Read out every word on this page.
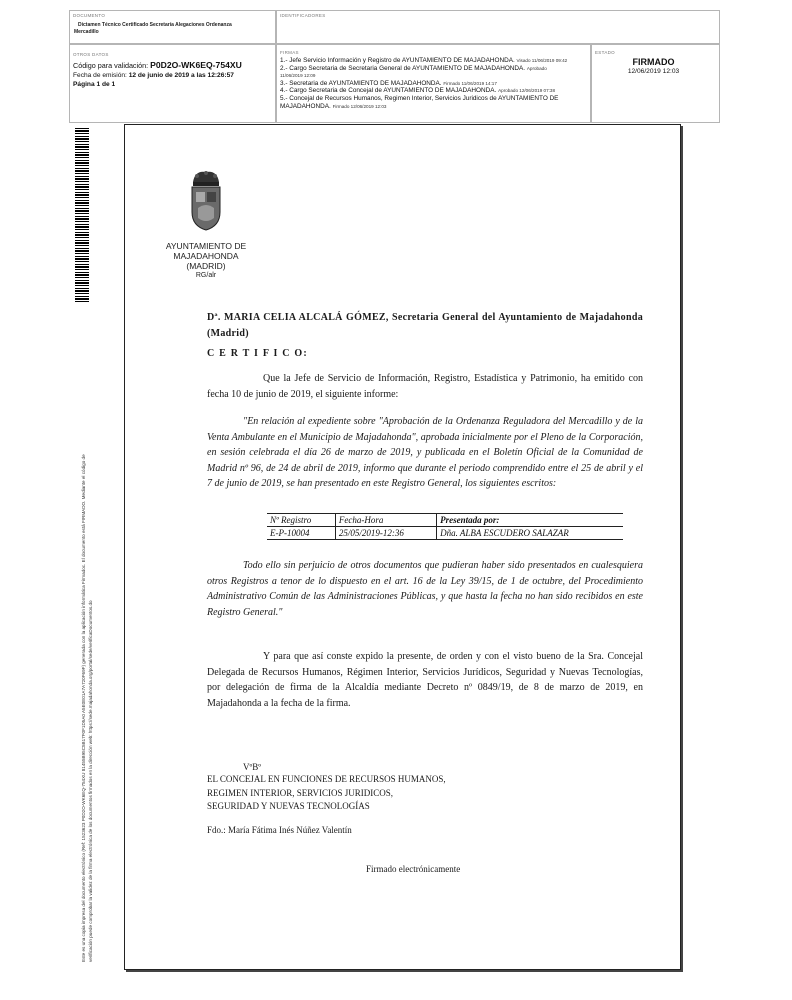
DOCUMENTO
Dictamen Técnico Certificado Secretaría Alegaciones Ordenanza
Mercadillo
IDENTIFICADORES
OTROS DATOS
Código para validación: P0D2O-WK6EQ-754XU
Fecha de emisión: 12 de junio de 2019 a las 12:26:57
Página 1 de 1
FIRMAS
1.- Jefe Servicio Información y Registro de AYUNTAMIENTO DE MAJADAHONDA. Visado 11/06/2019 09:42
2.- Cargo Secretaria de Secretaria General de AYUNTAMIENTO DE MAJADAHONDA. Aprobado
11/06/2019 12:09
3.- Secretaria de AYUNTAMIENTO DE MAJADAHONDA. Firmado 11/06/2019 14:17
4.- Cargo Secretaria de Concejal de AYUNTAMIENTO DE MAJADAHONDA. Aprobado 12/06/2019 07:38
5.- Concejal de Recursos Humanos, Regimen Interior, Servicios Juridicos de AYUNTAMIENTO DE
MAJADAHONDA. Firmado 12/06/2019 12:03
ESTADO
FIRMADO
12/06/2019 12:03
Este es una copia impresa del documento electrónico (Ref: 1523623 P0D2O-WK6EQ-754XU 81455B95C5B17F0F1D5A0 A5E0E01A7A720F69F) generada con la aplicación informática Firmadoc. El documento está FIRMADO. Mediante el código de verificación puede comprobar la validez de la firma electrónica de los documentos firmados en la dirección web: https://sede.majadahonda.org/portal/sede/verificaDocumentos.do
AYUNTAMIENTO DE
MAJADAHONDA
(MADRID)
RG/alr
Dª. MARIA CELIA ALCALÁ GÓMEZ, Secretaria General del Ayuntamiento de Majadahonda (Madrid)
C E R T I F I C O:
Que la Jefe de Servicio de Información, Registro, Estadística y Patrimonio, ha emitido con fecha 10 de junio de 2019, el siguiente informe:
"En relación al expediente sobre "Aprobación de la Ordenanza Reguladora del Mercadillo y de la Venta Ambulante en el Municipio de Majadahonda", aprobada inicialmente por el Pleno de la Corporación, en sesión celebrada el día 26 de marzo de 2019, y publicada en el Boletín Oficial de la Comunidad de Madrid nº 96, de 24 de abril de 2019, informo que durante el periodo comprendido entre el 25 de abril y el 7 de junio de 2019, se han presentado en este Registro General, los siguientes escritos:
Nº Registro	Fecha-Hora	Presentada por:
E-P-10004	25/05/2019-12:36	Dña. ALBA ESCUDERO SALAZAR
Todo ello sin perjuicio de otros documentos que pudieran haber sido presentados en cualesquiera otros Registros a tenor de lo dispuesto en el art. 16 de la Ley 39/15, de 1 de octubre, del Procedimiento Administrativo Común de las Administraciones Públicas, y que hasta la fecha no han sido recibidos en este Registro General."
Y para que así conste expido la presente, de orden y con el visto bueno de la Sra. Concejal Delegada de Recursos Humanos, Régimen Interior, Servicios Jurídicos, Seguridad y Nuevas Tecnologías, por delegación de firma de la Alcaldía mediante Decreto nº 0849/19, de 8 de marzo de 2019, en Majadahonda a la fecha de la firma.
VºBº
EL CONCEJAL EN FUNCIONES DE RECURSOS HUMANOS,
REGIMEN INTERIOR, SERVICIOS JURIDICOS,
SEGURIDAD Y NUEVAS TECNOLOGÍAS
Fdo.: María Fátima Inés Núñez Valentín
Firmado electrónicamente
